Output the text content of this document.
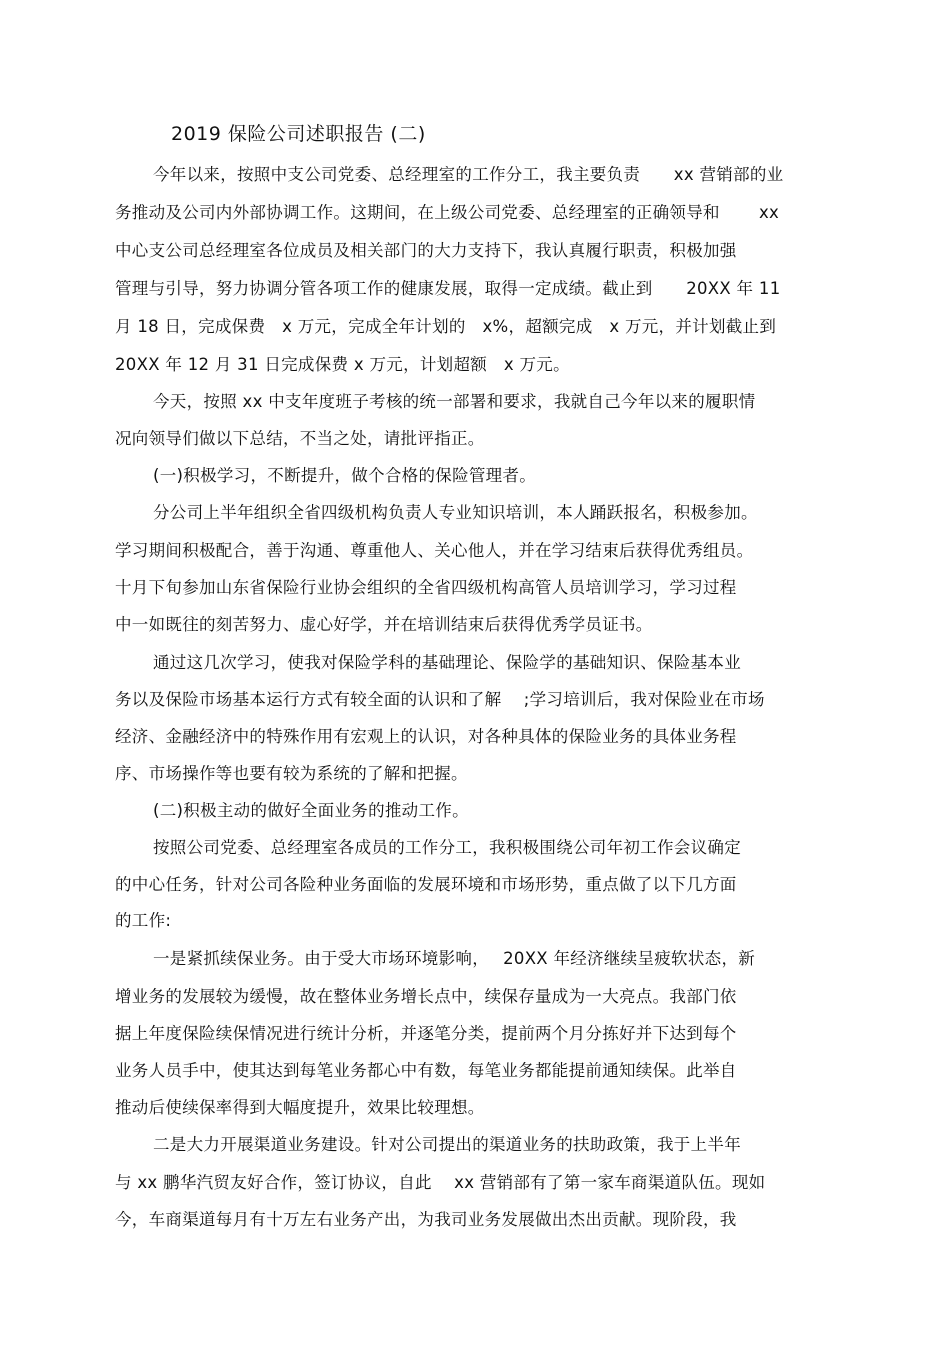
2019 保险公司述职报告 (二)
今年以来，按照中支公司党委、总经理室的工作分工，我主要负责　　xx 营销部的业
务推动及公司内外部协调工作。这期间，在上级公司党委、总经理室的正确领导和　　 xx
中心支公司总经理室各位成员及相关部门的大力支持下，我认真履行职责，积极加强
管理与引导，努力协调分管各项工作的健康发展，取得一定成绩。截止到　　20XX 年 11
月 18 日，完成保费　x 万元，完成全年计划的　x%，超额完成　x 万元，并计划截止到
20XX 年 12 月 31 日完成保费 x 万元，计划超额　x 万元。
今天，按照 xx 中支年度班子考核的统一部署和要求，我就自己今年以来的履职情
况向领导们做以下总结，不当之处，请批评指正。
(一)积极学习，不断提升，做个合格的保险管理者。
分公司上半年组织全省四级机构负责人专业知识培训，本人踊跃报名，积极参加。
学习期间积极配合，善于沟通、尊重他人、关心他人，并在学习结束后获得优秀组员。
十月下旬参加山东省保险行业协会组织的全省四级机构高管人员培训学习，学习过程
中一如既往的刻苦努力、虚心好学，并在培训结束后获得优秀学员证书。
通过这几次学习，使我对保险学科的基础理论、保险学的基础知识、保险基本业
务以及保险市场基本运行方式有较全面的认识和了解　 ;学习培训后，我对保险业在市场
经济、金融经济中的特殊作用有宏观上的认识，对各种具体的保险业务的具体业务程
序、市场操作等也要有较为系统的了解和把握。
(二)积极主动的做好全面业务的推动工作。
按照公司党委、总经理室各成员的工作分工，我积极围绕公司年初工作会议确定
的中心任务，针对公司各险种业务面临的发展环境和市场形势，重点做了以下几方面
的工作:
一是紧抓续保业务。由于受大市场环境影响，　 20XX 年经济继续呈疲软状态，新
增业务的发展较为缓慢，故在整体业务增长点中，续保存量成为一大亮点。我部门依
据上年度保险续保情况进行统计分析，并逐笔分类，提前两个月分拣好并下达到每个
业务人员手中，使其达到每笔业务都心中有数，每笔业务都能提前通知续保。此举自
推动后使续保率得到大幅度提升，效果比较理想。
二是大力开展渠道业务建设。针对公司提出的渠道业务的扶助政策，我于上半年
与 xx 鹏华汽贸友好合作，签订协议，自此　 xx 营销部有了第一家车商渠道队伍。现如
今，车商渠道每月有十万左右业务产出，为我司业务发展做出杰出贡献。现阶段，我
